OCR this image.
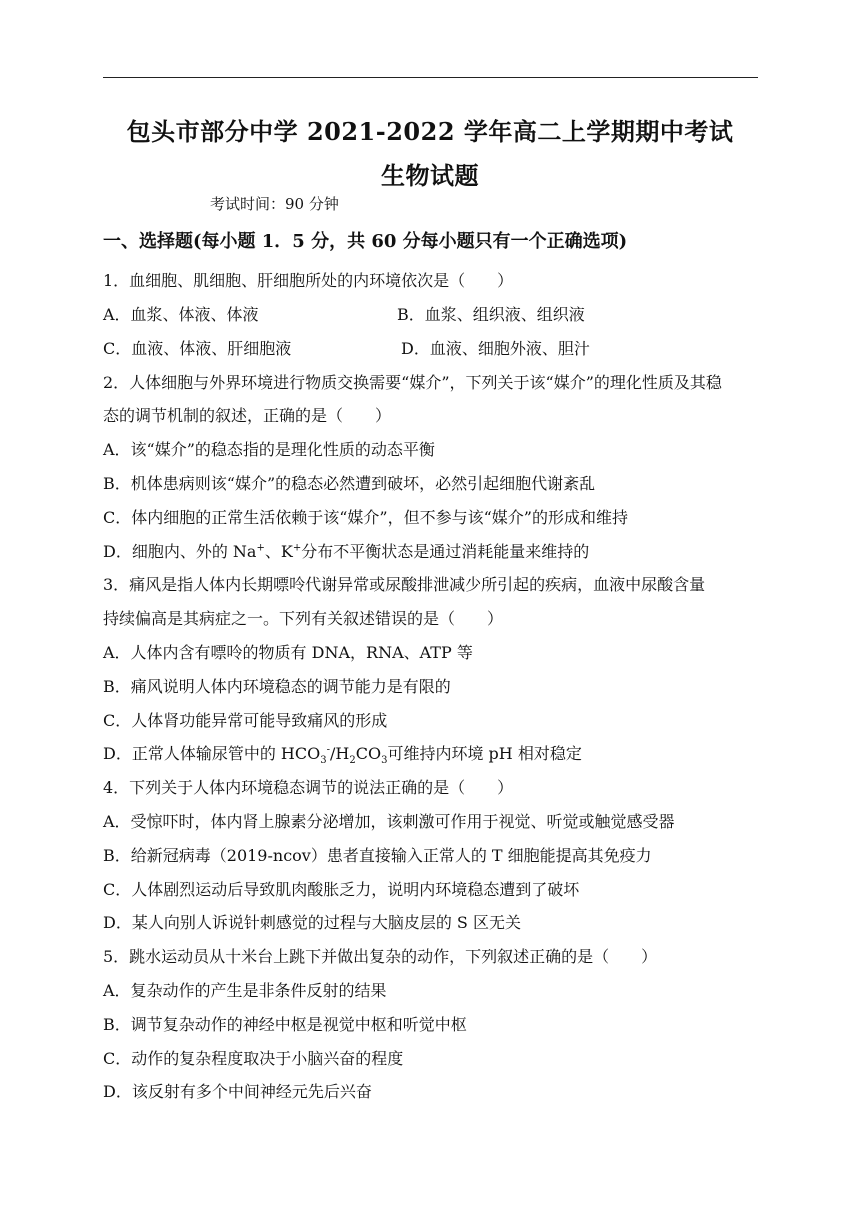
包头市部分中学 2021-2022 学年高二上学期期中考试
生物试题
考试时间：90 分钟
一、选择题(每小题 1．5 分，共 60 分每小题只有一个正确选项)
1．血细胞、肌细胞、肝细胞所处的内环境依次是（　　）
A．血浆、体液、体液	B．血浆、组织液、组织液
C．血液、体液、肝细胞液	D．血液、细胞外液、胆汁
2．人体细胞与外界环境进行物质交换需要“媒介”，下列关于该“媒介”的理化性质及其稳
态的调节机制的叙述，正确的是（　　）
A．该“媒介”的稳态指的是理化性质的动态平衡
B．机体患病则该“媒介”的稳态必然遭到破坏，必然引起细胞代谢紊乱
C．体内细胞的正常生活依赖于该“媒介”，但不参与该“媒介”的形成和维持
D．细胞内、外的 Na+、K+分布不平衡状态是通过消耗能量来维持的
3．痛风是指人体内长期嘌呤代谢异常或尿酸排泄减少所引起的疾病，血液中尿酸含量
持续偏高是其病症之一。下列有关叙述错误的是（　　）
A．人体内含有嘌呤的物质有 DNA，RNA、ATP 等
B．痛风说明人体内环境稳态的调节能力是有限的
C．人体肾功能异常可能导致痛风的形成
D．正常人体输尿管中的 $HCO_3^-/H_2CO_3$可维持内环境 pH 相对稳定
4．下列关于人体内环境稳态调节的说法正确的是（　　）
A．受惊吓时，体内肾上腺素分泌增加，该刺激可作用于视觉、听觉或触觉感受器
B．给新冠病毒（2019-ncov）患者直接输入正常人的 T 细胞能提高其免疫力
C．人体剧烈运动后导致肌肉酸胀乏力，说明内环境稳态遭到了破坏
D．某人向别人诉说针刺感觉的过程与大脑皮层的 S 区无关
5．跳水运动员从十米台上跳下并做出复杂的动作，下列叙述正确的是（　　）
A．复杂动作的产生是非条件反射的结果
B．调节复杂动作的神经中枢是视觉中枢和听觉中枢
C．动作的复杂程度取决于小脑兴奋的程度
D．该反射有多个中间神经元先后兴奋
